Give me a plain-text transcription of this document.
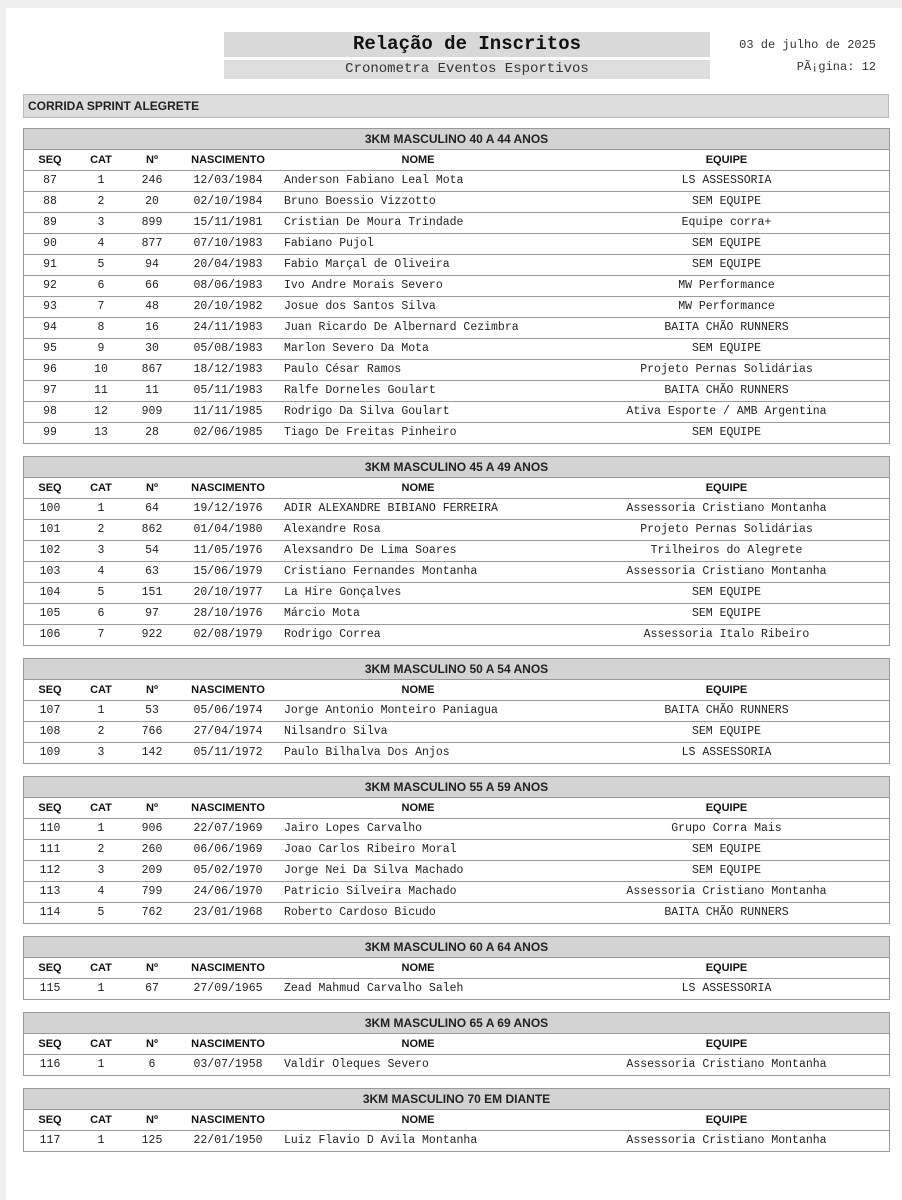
Relação de Inscritos
Cronometra Eventos Esportivos
03 de julho de 2025
PÃ¡gina: 12
CORRIDA SPRINT ALEGRETE
3KM MASCULINO 40 A 44 ANOS
SEQ	CAT	Nº	NASCIMENTO	NOME	EQUIPE
87	1	246	12/03/1984	Anderson Fabiano Leal Mota	LS ASSESSORIA
88	2	20	02/10/1984	Bruno Boessio Vizzotto	SEM EQUIPE
89	3	899	15/11/1981	Cristian De Moura Trindade	Equipe corra+
90	4	877	07/10/1983	Fabiano Pujol	SEM EQUIPE
91	5	94	20/04/1983	Fabio Marçal de Oliveira	SEM EQUIPE
92	6	66	08/06/1983	Ivo Andre Morais Severo	MW Performance
93	7	48	20/10/1982	Josue dos Santos Silva	MW Performance
94	8	16	24/11/1983	Juan Ricardo De Albernard Cezimbra	BAITA CHÃO RUNNERS
95	9	30	05/08/1983	Marlon Severo Da Mota	SEM EQUIPE
96	10	867	18/12/1983	Paulo César Ramos	Projeto Pernas Solidárias
97	11	11	05/11/1983	Ralfe Dorneles Goulart	BAITA CHÃO RUNNERS
98	12	909	11/11/1985	Rodrigo Da Silva Goulart	Ativa Esporte / AMB Argentina
99	13	28	02/06/1985	Tiago De Freitas Pinheiro	SEM EQUIPE
3KM MASCULINO 45 A 49 ANOS
SEQ	CAT	Nº	NASCIMENTO	NOME	EQUIPE
100	1	64	19/12/1976	ADIR ALEXANDRE BIBIANO FERREIRA	Assessoria Cristiano Montanha
101	2	862	01/04/1980	Alexandre Rosa	Projeto Pernas Solidárias
102	3	54	11/05/1976	Alexsandro De Lima Soares	Trilheiros do Alegrete
103	4	63	15/06/1979	Cristiano Fernandes Montanha	Assessoria Cristiano Montanha
104	5	151	20/10/1977	La Hire Gonçalves	SEM EQUIPE
105	6	97	28/10/1976	Márcio Mota	SEM EQUIPE
106	7	922	02/08/1979	Rodrigo Correa	Assessoria Italo Ribeiro
3KM MASCULINO 50 A 54 ANOS
SEQ	CAT	Nº	NASCIMENTO	NOME	EQUIPE
107	1	53	05/06/1974	Jorge Antonio Monteiro Paniagua	BAITA CHÃO RUNNERS
108	2	766	27/04/1974	Nilsandro Silva	SEM EQUIPE
109	3	142	05/11/1972	Paulo Bilhalva Dos Anjos	LS ASSESSORIA
3KM MASCULINO 55 A 59 ANOS
SEQ	CAT	Nº	NASCIMENTO	NOME	EQUIPE
110	1	906	22/07/1969	Jairo Lopes Carvalho	Grupo Corra Mais
111	2	260	06/06/1969	Joao Carlos Ribeiro Moral	SEM EQUIPE
112	3	209	05/02/1970	Jorge Nei Da Silva Machado	SEM EQUIPE
113	4	799	24/06/1970	Patricio Silveira Machado	Assessoria Cristiano Montanha
114	5	762	23/01/1968	Roberto Cardoso Bicudo	BAITA CHÃO RUNNERS
3KM MASCULINO 60 A 64 ANOS
SEQ	CAT	Nº	NASCIMENTO	NOME	EQUIPE
115	1	67	27/09/1965	Zead Mahmud Carvalho Saleh	LS ASSESSORIA
3KM MASCULINO 65 A 69 ANOS
SEQ	CAT	Nº	NASCIMENTO	NOME	EQUIPE
116	1	6	03/07/1958	Valdir Oleques Severo	Assessoria Cristiano Montanha
3KM MASCULINO 70 EM DIANTE
SEQ	CAT	Nº	NASCIMENTO	NOME	EQUIPE
117	1	125	22/01/1950	Luiz Flavio D Avila Montanha	Assessoria Cristiano Montanha
